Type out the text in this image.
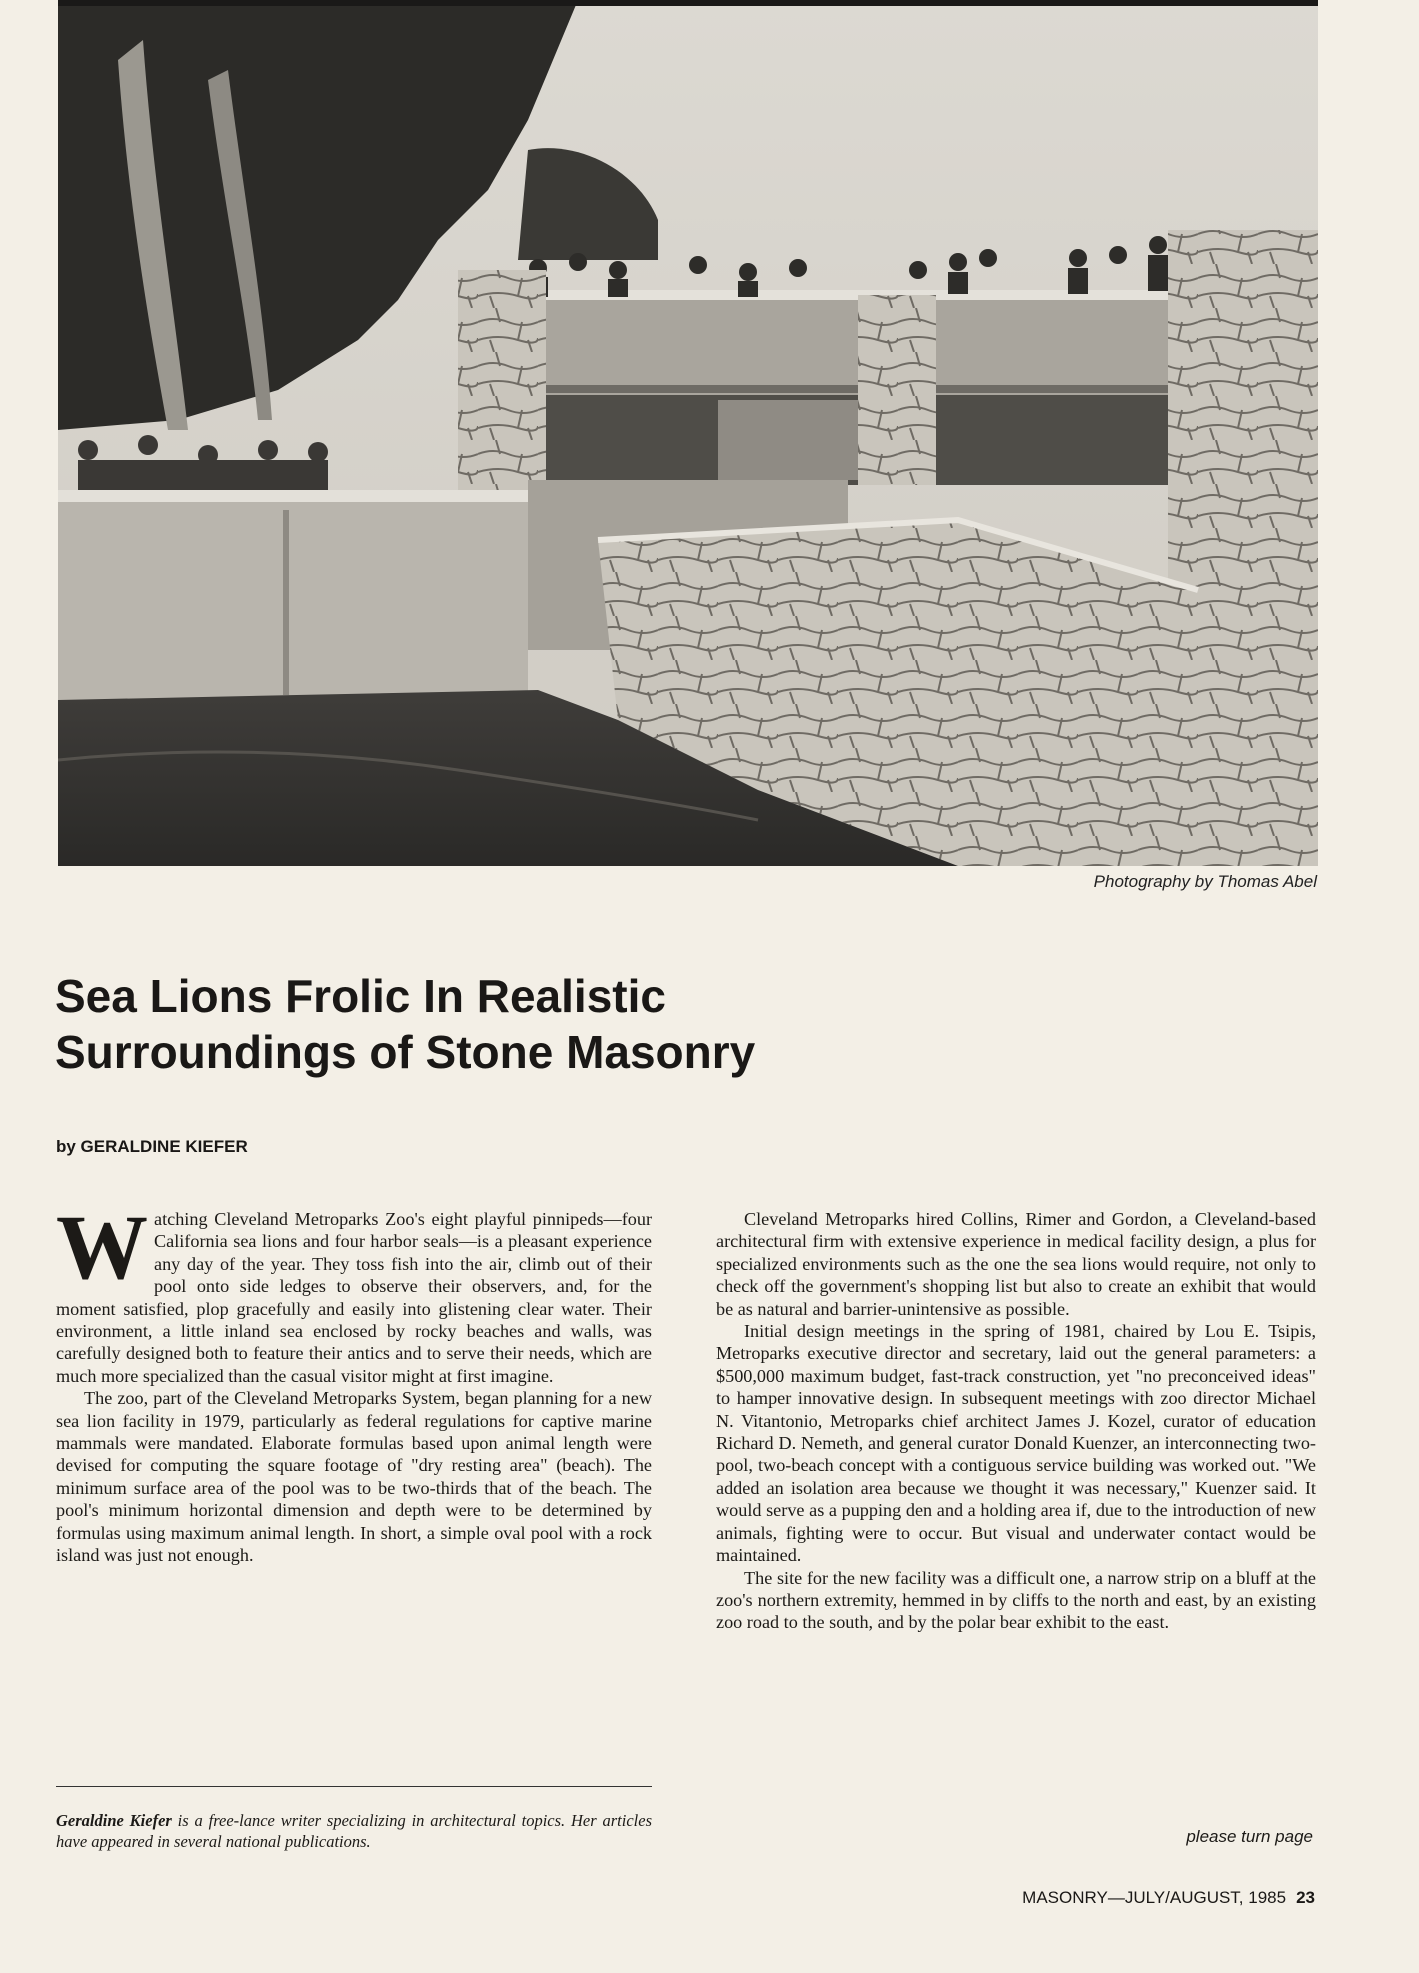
Photography by Thomas Abel
Sea Lions Frolic In Realistic
Surroundings of Stone Masonry
by GERALDINE KIEFER

Watching Cleveland Metroparks Zoo's eight playful pinnipeds—four California sea lions and four harbor seals—is a pleasant experience any day of the year. They toss fish into the air, climb out of their pool onto side ledges to observe their observers, and, for the moment satisfied, plop gracefully and easily into glistening clear water. Their environment, a little inland sea enclosed by rocky beaches and walls, was carefully designed both to feature their antics and to serve their needs, which are much more specialized than the casual visitor might at first imagine.

The zoo, part of the Cleveland Metroparks System, began planning for a new sea lion facility in 1979, particularly as federal regulations for captive marine mammals were mandated. Elaborate formulas based upon animal length were devised for computing the square footage of "dry resting area" (beach). The minimum surface area of the pool was to be two-thirds that of the beach. The pool's minimum horizontal dimension and depth were to be determined by formulas using maximum animal length. In short, a simple oval pool with a rock island was just not enough.

Cleveland Metroparks hired Collins, Rimer and Gordon, a Cleveland-based architectural firm with extensive experience in medical facility design, a plus for specialized environments such as the one the sea lions would require, not only to check off the government's shopping list but also to create an exhibit that would be as natural and barrier-unintensive as possible.

Initial design meetings in the spring of 1981, chaired by Lou E. Tsipis, Metroparks executive director and secretary, laid out the general parameters: a $500,000 maximum budget, fast-track construction, yet "no preconceived ideas" to hamper innovative design. In subsequent meetings with zoo director Michael N. Vitantonio, Metroparks chief architect James J. Kozel, curator of education Richard D. Nemeth, and general curator Donald Kuenzer, an interconnecting two-pool, two-beach concept with a contiguous service building was worked out. "We added an isolation area because we thought it was necessary," Kuenzer said. It would serve as a pupping den and a holding area if, due to the introduction of new animals, fighting were to occur. But visual and underwater contact would be maintained.

The site for the new facility was a difficult one, a narrow strip on a bluff at the zoo's northern extremity, hemmed in by cliffs to the north and east, by an existing zoo road to the south, and by the polar bear exhibit to the east.

Geraldine Kiefer is a free-lance writer specializing in architectural topics. Her articles have appeared in several national publications.	please turn page
MASONRY—JULY/AUGUST, 1985 23
